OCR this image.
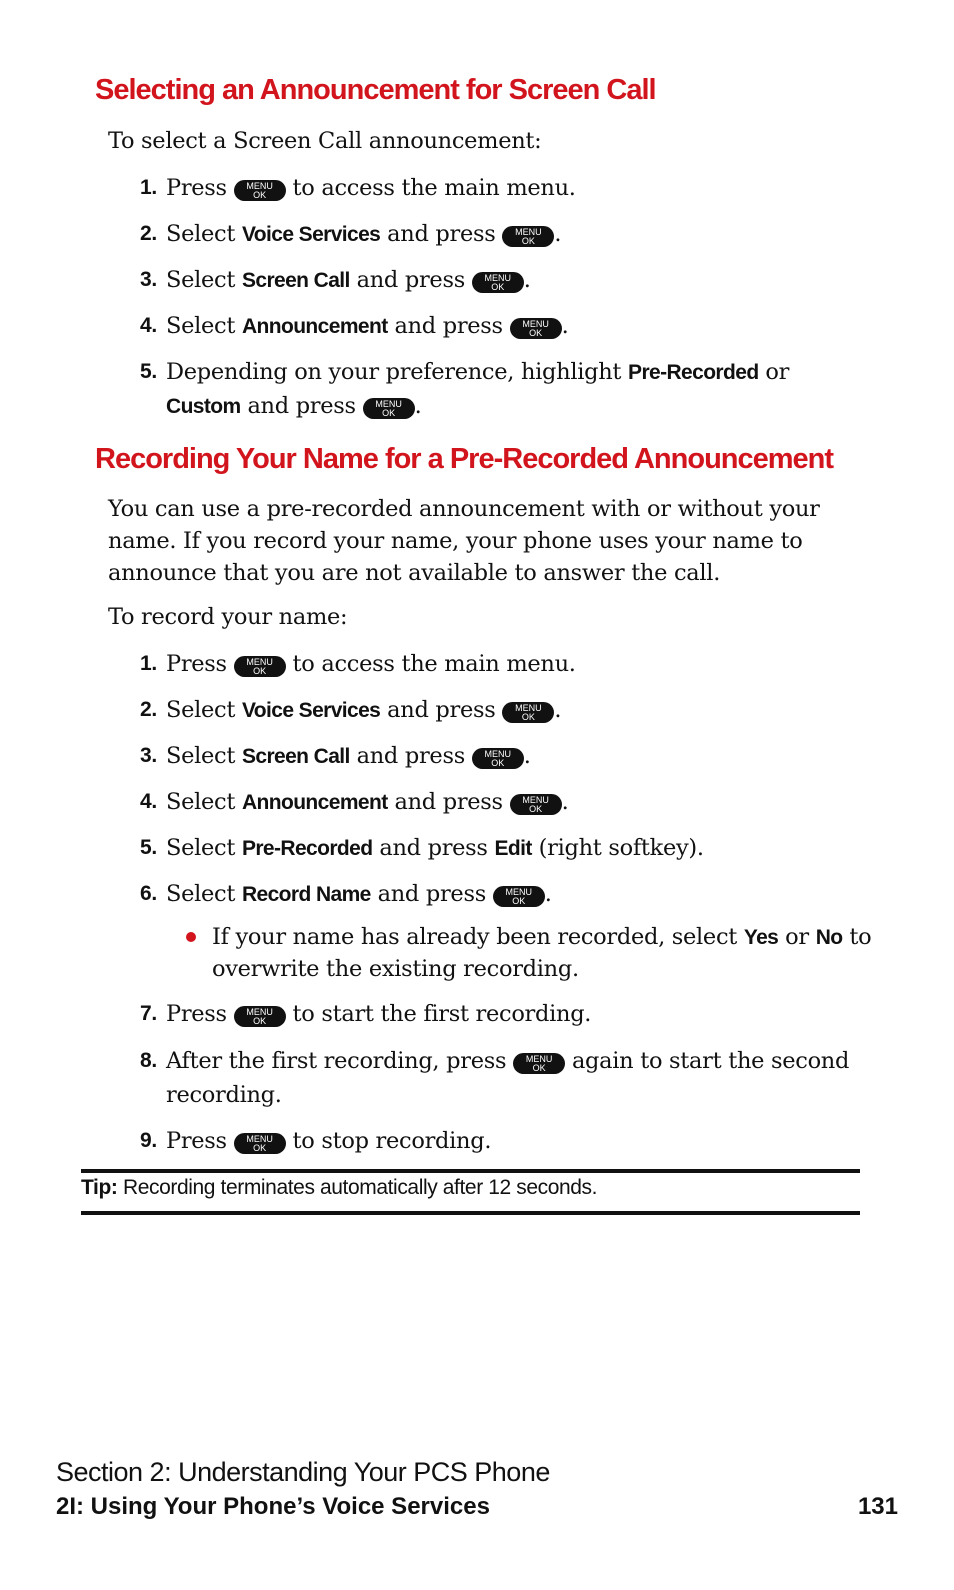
Selecting an Announcement for Screen Call

To select a Screen Call announcement:

1. Press	MENU
OK	to access the main menu.
2. Select Voice Services and press	MENU
OK .
3. Select Screen Call and press	MENU
OK .
4. Select Announcement and press	MENU
OK .
5. Depending on your preference, highlight Pre-Recorded or
Custom and press	MENU
OK .
Recording Your Name for a Pre-Recorded Announcement

You can use a pre-recorded announcement with or without your

name. If you record your name, your phone uses your name to

announce that you are not available to answer the call.

To record your name:

1. Press	MENU
OK	to access the main menu.
2. Select Voice Services and press	MENU
OK .
3. Select Screen Call and press	MENU
OK .
4. Select Announcement and press	MENU
OK .
5. Select Pre-Recorded and press Edit (right softkey).
6. Select Record Name and press	MENU
OK .
If your name has already been recorded, select Yes or No to
overwrite the existing recording.
7. Press	MENU
OK	to start the first recording.
8. After the first recording, press	MENU
OK	again to start the second
recording.
9. Press	MENU
OK	to stop recording.
Tip: Recording terminates automatically after 12 seconds.
Section 2: Understanding Your PCS Phone
2I: Using Your Phone’s Voice Services	131
